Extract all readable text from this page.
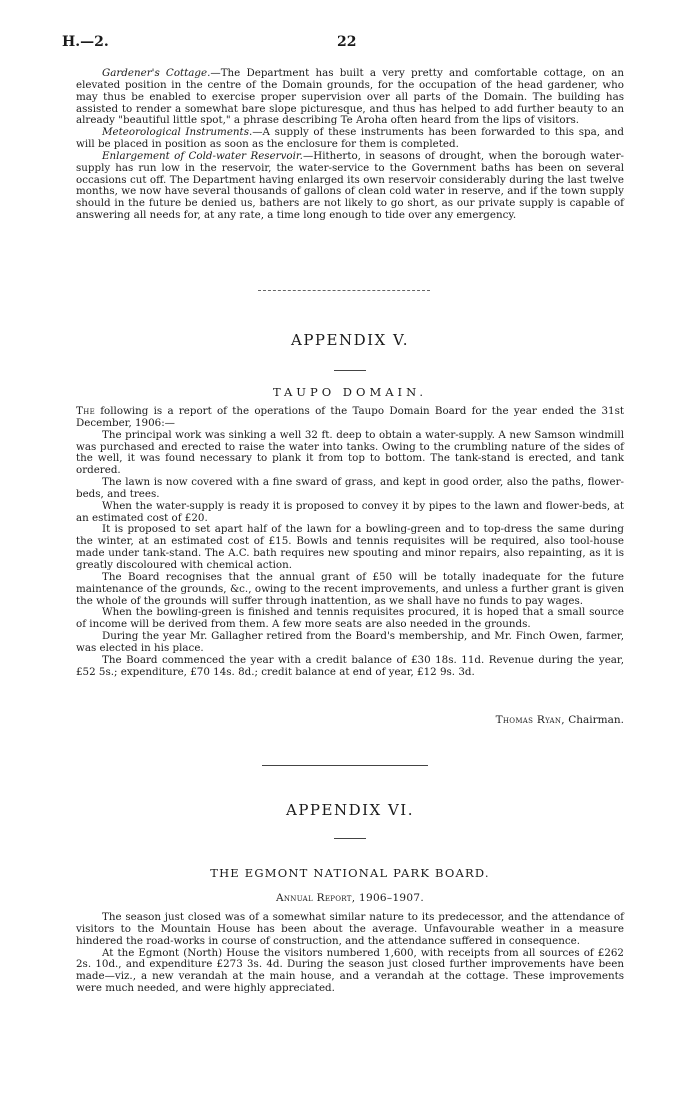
H.—2.	22

Gardener's Cottage.—The Department has built a very pretty and comfortable cottage, on an elevated position in the centre of the Domain grounds, for the occupation of the head gardener, who may thus be enabled to exercise proper supervision over all parts of the Domain. The building has assisted to render a somewhat bare slope picturesque, and thus has helped to add further beauty to an already "beautiful little spot," a phrase describing Te Aroha often heard from the lips of visitors.

Meteorological Instruments.—A supply of these instruments has been forwarded to this spa, and will be placed in position as soon as the enclosure for them is completed.

Enlargement of Cold-water Reservoir.—Hitherto, in seasons of drought, when the borough water-supply has run low in the reservoir, the water-service to the Government baths has been on several occasions cut off. The Department having enlarged its own reservoir considerably during the last twelve months, we now have several thousands of gallons of clean cold water in reserve, and if the town supply should in the future be denied us, bathers are not likely to go short, as our private supply is capable of answering all needs for, at any rate, a time long enough to tide over any emergency.

APPENDIX V.
TAUPO DOMAIN.

The following is a report of the operations of the Taupo Domain Board for the year ended the 31st December, 1906:—

The principal work was sinking a well 32 ft. deep to obtain a water-supply. A new Samson windmill was purchased and erected to raise the water into tanks. Owing to the crumbling nature of the sides of the well, it was found necessary to plank it from top to bottom. The tank-stand is erected, and tank ordered.

The lawn is now covered with a fine sward of grass, and kept in good order, also the paths, flower-beds, and trees.

When the water-supply is ready it is proposed to convey it by pipes to the lawn and flower-beds, at an estimated cost of £20.

It is proposed to set apart half of the lawn for a bowling-green and to top-dress the same during the winter, at an estimated cost of £15. Bowls and tennis requisites will be required, also tool-house made under tank-stand. The A.C. bath requires new spouting and minor repairs, also repainting, as it is greatly discoloured with chemical action.

The Board recognises that the annual grant of £50 will be totally inadequate for the future maintenance of the grounds, &c., owing to the recent improvements, and unless a further grant is given the whole of the grounds will suffer through inattention, as we shall have no funds to pay wages.

When the bowling-green is finished and tennis requisites procured, it is hoped that a small source of income will be derived from them. A few more seats are also needed in the grounds.

During the year Mr. Gallagher retired from the Board's membership, and Mr. Finch Owen, farmer, was elected in his place.

The Board commenced the year with a credit balance of £30 18s. 11d. Revenue during the year, £52 5s.; expenditure, £70 14s. 8d.; credit balance at end of year, £12 9s. 3d.

Thomas Ryan, Chairman.
APPENDIX VI.
THE EGMONT NATIONAL PARK BOARD.
Annual Report, 1906–1907.

The season just closed was of a somewhat similar nature to its predecessor, and the attendance of visitors to the Mountain House has been about the average. Unfavourable weather in a measure hindered the road-works in course of construction, and the attendance suffered in consequence.

At the Egmont (North) House the visitors numbered 1,600, with receipts from all sources of £262 2s. 10d., and expenditure £273 3s. 4d. During the season just closed further improvements have been made—viz., a new verandah at the main house, and a verandah at the cottage. These improvements were much needed, and were highly appreciated.
